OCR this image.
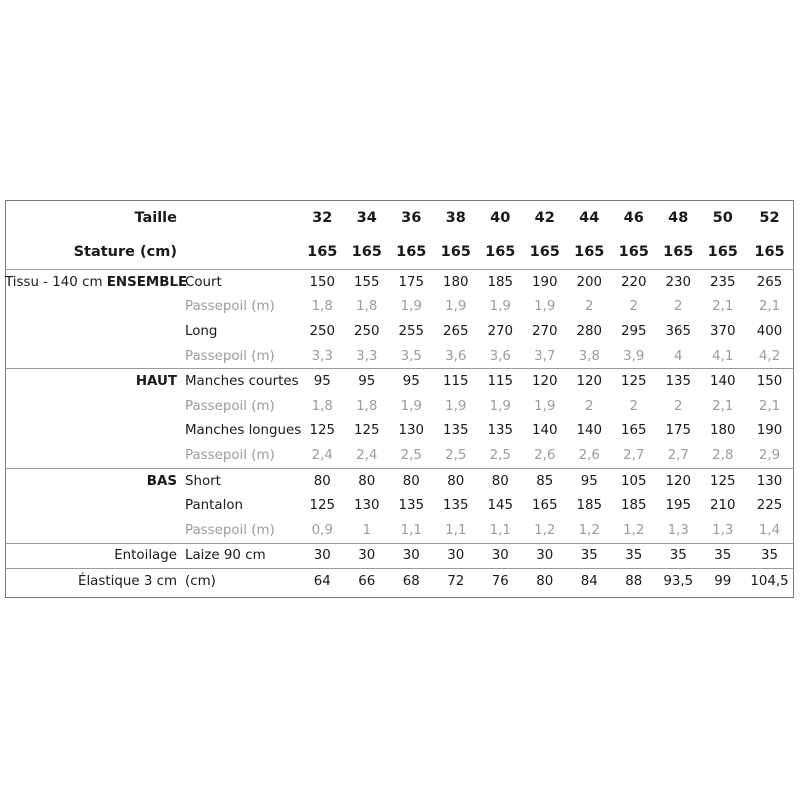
Taille		32	34	36	38	40	42	44	46	48	50	52
Stature (cm)		165	165	165	165	165	165	165	165	165	165	165
Tissu - 140 cm ENSEMBLE	Court	150	155	175	180	185	190	200	220	230	235	265
	Passepoil (m)	1,8	1,8	1,9	1,9	1,9	1,9	2	2	2	2,1	2,1
	Long	250	250	255	265	270	270	280	295	365	370	400
	Passepoil (m)	3,3	3,3	3,5	3,6	3,6	3,7	3,8	3,9	4	4,1	4,2
HAUT	Manches courtes	95	95	95	115	115	120	120	125	135	140	150
	Passepoil (m)	1,8	1,8	1,9	1,9	1,9	1,9	2	2	2	2,1	2,1
	Manches longues	125	125	130	135	135	140	140	165	175	180	190
	Passepoil (m)	2,4	2,4	2,5	2,5	2,5	2,6	2,6	2,7	2,7	2,8	2,9
BAS	Short	80	80	80	80	80	85	95	105	120	125	130
	Pantalon	125	130	135	135	145	165	185	185	195	210	225
	Passepoil (m)	0,9	1	1,1	1,1	1,1	1,2	1,2	1,2	1,3	1,3	1,4
Entoilage	Laize 90 cm	30	30	30	30	30	30	35	35	35	35	35
Élastique 3 cm	(cm)	64	66	68	72	76	80	84	88	93,5	99	104,5
